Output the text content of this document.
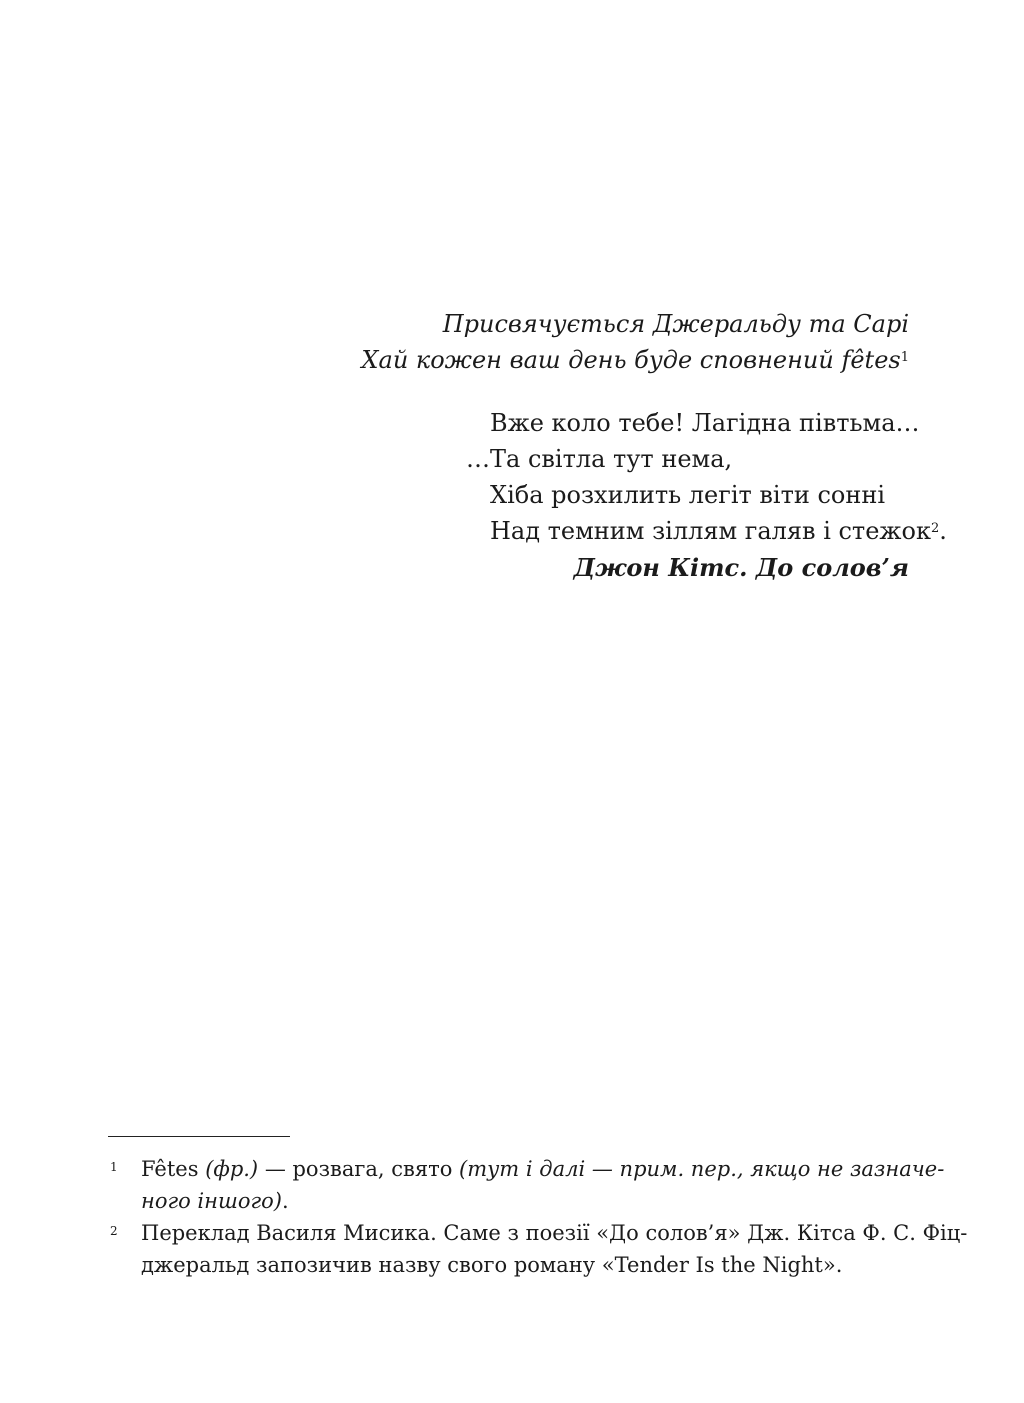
Присвячується Джеральду та Сарі
Хай кожен ваш день буде сповнений fêtes$^1$
Вже коло тебе! Лагідна півтьма…
…Та світла тут нема,
Хіба розхилить легіт віти сонні
Над темним зіллям галяв і стежок$^2$.
Джон Кітс. До солов’я
1 Fêtes (фр.) — розвага, свято (тут і далі — прим. пер., якщо не зазначе-
ного іншого).
2 Переклад Василя Мисика. Саме з поезії «До солов’я» Дж. Кітса Ф. С. Фіц-
джеральд запозичив назву свого роману «Tender Is the Night».
